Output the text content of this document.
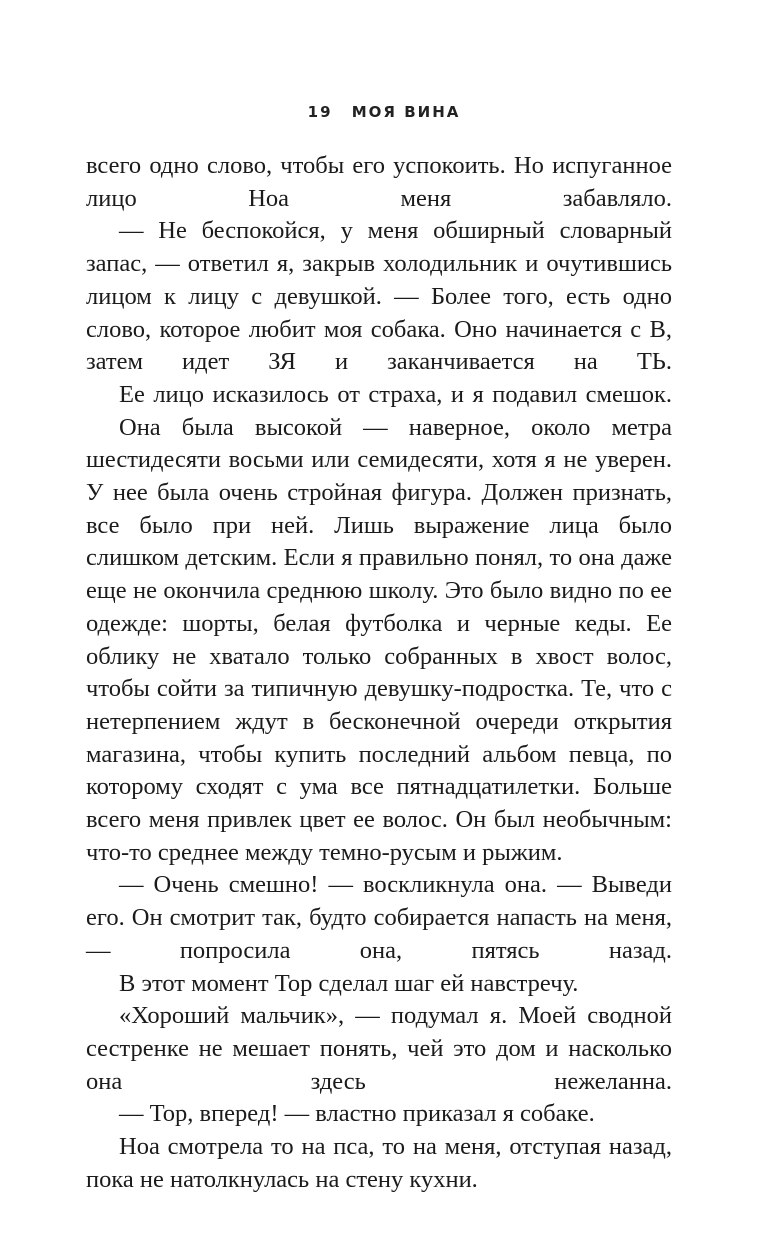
19 МОЯ ВИНА

всего одно слово, чтобы его успокоить. Но испуганное лицо Ноа меня забавляло.

— Не беспокойся, у меня обширный словарный запас, — ответил я, закрыв холодильник и очутившись лицом к лицу с девушкой. — Более того, есть одно слово, которое любит моя собака. Оно начинается с В, затем идет ЗЯ и заканчивается на ТЬ.

Ее лицо исказилось от страха, и я подавил смешок.

Она была высокой — наверное, около метра шестидесяти восьми или семидесяти, хотя я не уверен. У нее была очень стройная фигура. Должен признать, все было при ней. Лишь выражение лица было слишком детским. Если я правильно понял, то она даже еще не окончила среднюю школу. Это было видно по ее одежде: шорты, белая футболка и черные кеды. Ее облику не хватало только собранных в хвост волос, чтобы сойти за типичную девушку-подростка. Те, что с нетерпением ждут в бесконечной очереди открытия магазина, чтобы купить последний альбом певца, по которому сходят с ума все пятнадцатилетки. Больше всего меня привлек цвет ее волос. Он был необычным: что-то среднее между темно-русым и рыжим.

— Очень смешно! — воскликнула она. — Выведи его. Он смотрит так, будто собирается напасть на меня, — попросила она, пятясь назад.

В этот момент Тор сделал шаг ей навстречу.

«Хороший мальчик», — подумал я. Моей сводной сестренке не мешает понять, чей это дом и насколько она здесь нежеланна.

— Тор, вперед! — властно приказал я собаке.

Ноа смотрела то на пса, то на меня, отступая назад, пока не натолкнулась на стену кухни.
